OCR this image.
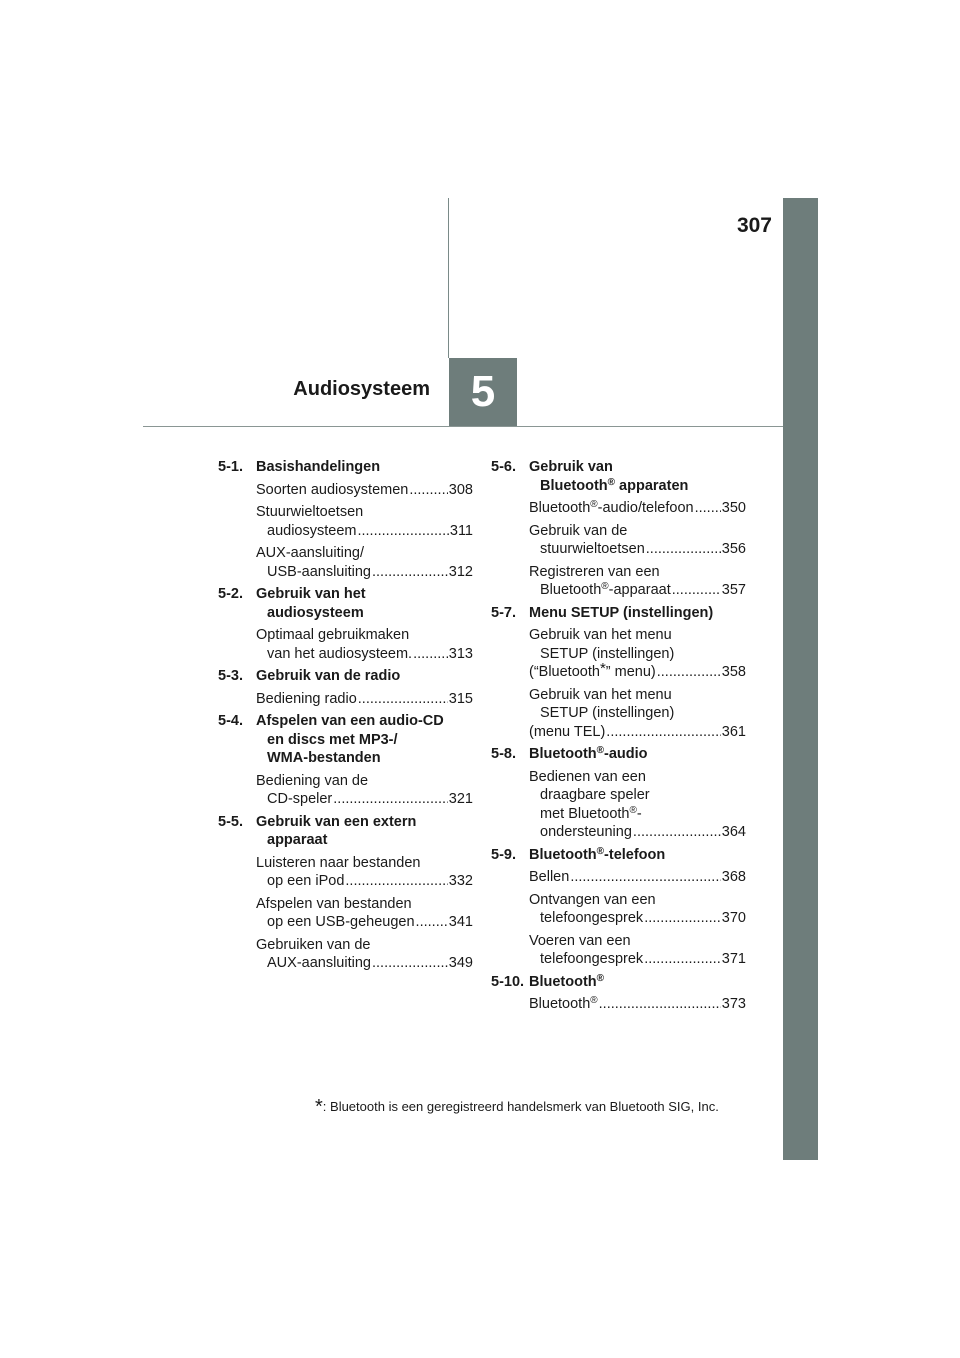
307
5
Audiosysteem
5-1. Basishandelingen
Soorten audiosystemen .....	308
Stuurwieltoetsen
audiosysteem .....	311
AUX-aansluiting/
USB-aansluiting .....	312
5-2. Gebruik van het
audiosysteem
Optimaal gebruikmaken
van het audiosysteem. .....	313
5-3. Gebruik van de radio
Bediening radio .....	315
5-4. Afspelen van een audio-CD
en discs met MP3-/
WMA-bestanden
Bediening van de
CD-speler .....	321
5-5. Gebruik van een extern
apparaat
Luisteren naar bestanden
op een iPod .....	332
Afspelen van bestanden
op een USB-geheugen ..... 341
Gebruiken van de
AUX-aansluiting .....	349
5-6. Gebruik van
Bluetooth® apparaten
Bluetooth®-audio/telefoon ..... 350
Gebruik van de
stuurwieltoetsen .....	356
Registreren van een
Bluetooth®-apparaat .....	357
5-7. Menu SETUP (instellingen)
Gebruik van het menu
SETUP (instellingen)
(“Bluetooth*” menu) .....	358
Gebruik van het menu
SETUP (instellingen)
(menu TEL) .....	361
5-8. Bluetooth®-audio
Bedienen van een
draagbare speler
met Bluetooth®-
ondersteuning .....	364
5-9. Bluetooth®-telefoon
Bellen .....	368
Ontvangen van een
telefoongesprek .....	370
Voeren van een
telefoongesprek .....	371
5-10. Bluetooth®
Bluetooth® .....	373
*: Bluetooth is een geregistreerd handelsmerk van Bluetooth SIG, Inc.
